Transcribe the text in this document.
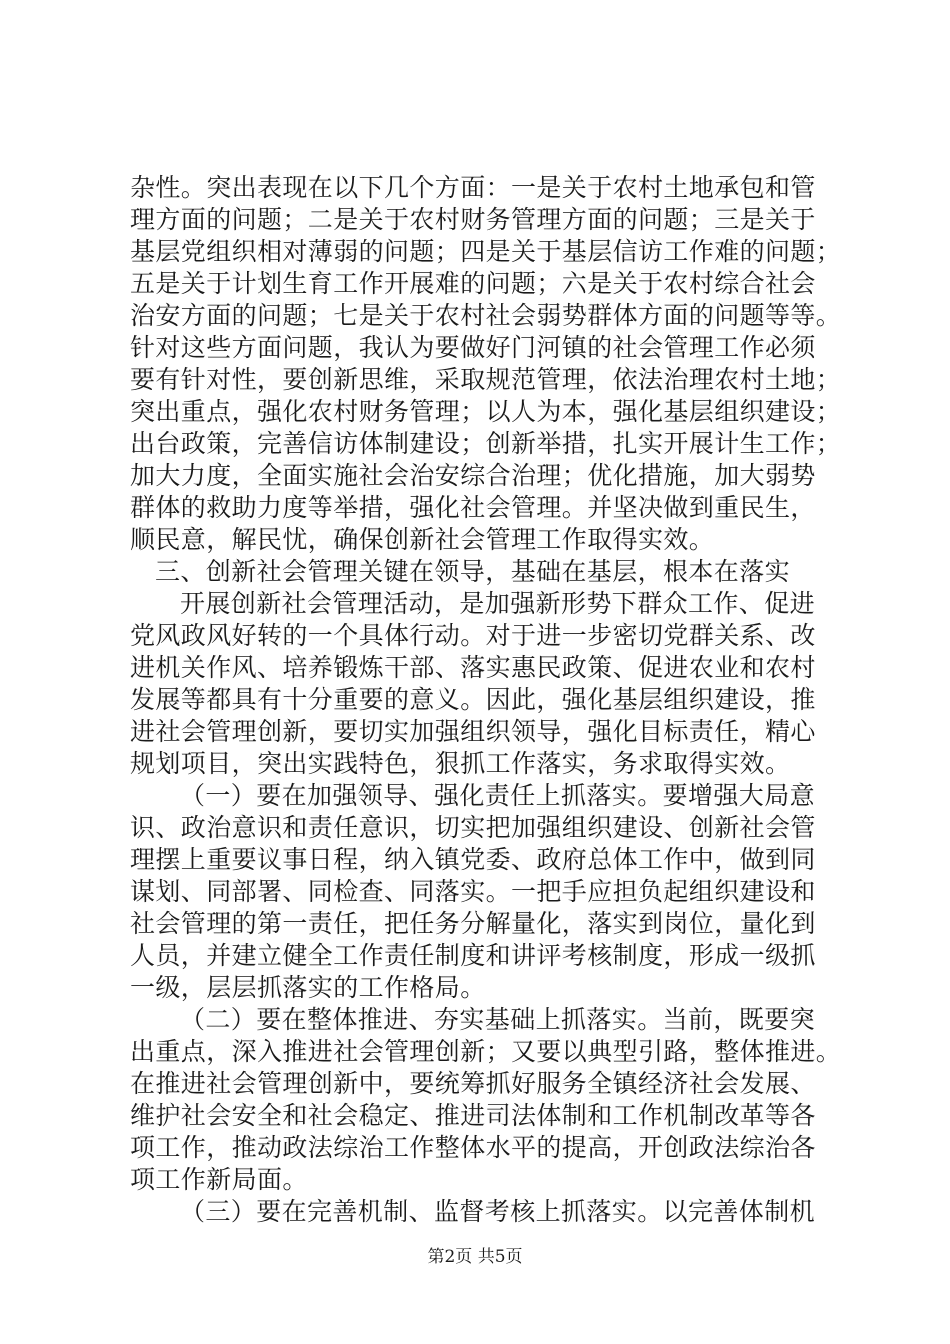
杂性。突出表现在以下几个方面：一是关于农村土地承包和管
理方面的问题；二是关于农村财务管理方面的问题；三是关于
基层党组织相对薄弱的问题；四是关于基层信访工作难的问题；
五是关于计划生育工作开展难的问题；六是关于农村综合社会
治安方面的问题；七是关于农村社会弱势群体方面的问题等等。
针对这些方面问题，我认为要做好门河镇的社会管理工作必须
要有针对性，要创新思维，采取规范管理，依法治理农村土地；
突出重点，强化农村财务管理；以人为本，强化基层组织建设；
出台政策，完善信访体制建设；创新举措，扎实开展计生工作；
加大力度，全面实施社会治安综合治理；优化措施，加大弱势
群体的救助力度等举措，强化社会管理。并坚决做到重民生，
顺民意，解民忧，确保创新社会管理工作取得实效。
三、创新社会管理关键在领导，基础在基层，根本在落实
开展创新社会管理活动，是加强新形势下群众工作、促进
党风政风好转的一个具体行动。对于进一步密切党群关系、改
进机关作风、培养锻炼干部、落实惠民政策、促进农业和农村
发展等都具有十分重要的意义。因此，强化基层组织建设，推
进社会管理创新，要切实加强组织领导，强化目标责任，精心
规划项目，突出实践特色，狠抓工作落实，务求取得实效。
（一）要在加强领导、强化责任上抓落实。要增强大局意
识、政治意识和责任意识，切实把加强组织建设、创新社会管
理摆上重要议事日程，纳入镇党委、政府总体工作中，做到同
谋划、同部署、同检查、同落实。一把手应担负起组织建设和
社会管理的第一责任，把任务分解量化，落实到岗位，量化到
人员，并建立健全工作责任制度和讲评考核制度，形成一级抓
一级，层层抓落实的工作格局。
（二）要在整体推进、夯实基础上抓落实。当前，既要突
出重点，深入推进社会管理创新；又要以典型引路，整体推进。
在推进社会管理创新中，要统筹抓好服务全镇经济社会发展、
维护社会安全和社会稳定、推进司法体制和工作机制改革等各
项工作，推动政法综治工作整体水平的提高，开创政法综治各
项工作新局面。
（三）要在完善机制、监督考核上抓落实。以完善体制机
第2页 共5页
